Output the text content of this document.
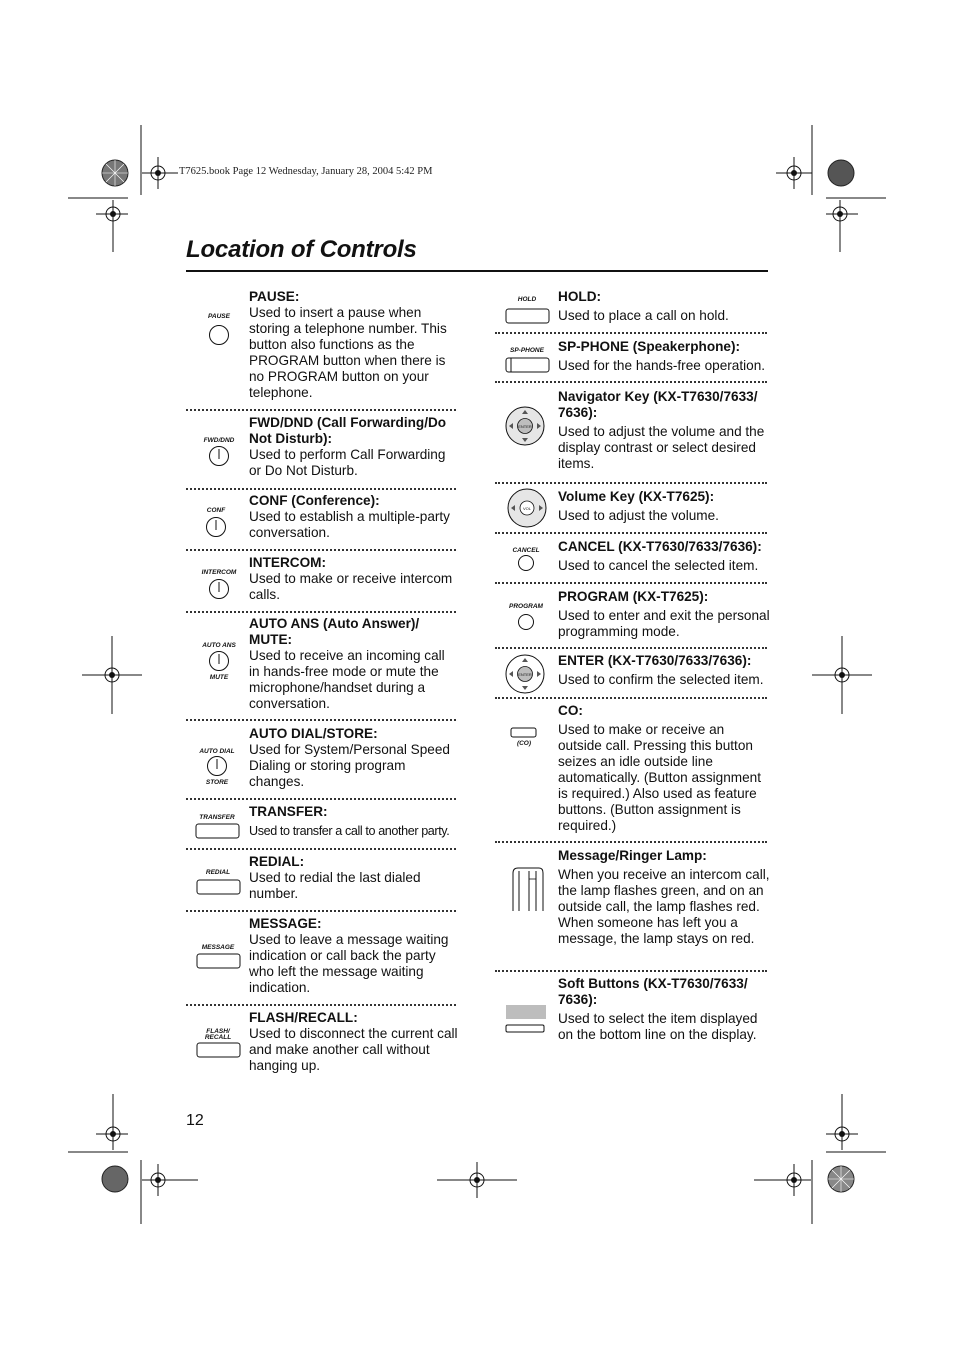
T7625.book Page 12 Wednesday, January 28, 2004 5:42 PM
Location of Controls
PAUSE
PAUSE:
Used to insert a pause when storing a telephone number. This button also functions as the PROGRAM button when there is no PROGRAM button on your telephone.
FWD/DND
FWD/DND (Call Forwarding/Do Not Disturb):
Used to perform Call Forwarding or Do Not Disturb.
CONF
CONF (Conference):
Used to establish a multiple-party conversation.
INTERCOM
INTERCOM:
Used to make or receive intercom calls.
AUTO ANS
MUTE
AUTO ANS (Auto Answer)/ MUTE:
Used to receive an incoming call in hands-free mode or mute the microphone/handset during a conversation.
AUTO DIAL
STORE
AUTO DIAL/STORE:
Used for System/Personal Speed Dialing or storing program changes.
TRANSFER TRANSFER:
Used to transfer a call to another party.
REDIAL
REDIAL:
Used to redial the last dialed number.
MESSAGE
MESSAGE:
Used to leave a message waiting indication or call back the party who left the message waiting indication.
FLASH/
RECALL
FLASH/RECALL:
Used to disconnect the current call and make another call without hanging up.
HOLD HOLD:
Used to place a call on hold.
SP-PHONE SP-PHONE (Speakerphone):
Used for the hands-free operation.
ENTER
Navigator Key (KX-T7630/7633/ 7636):
Used to adjust the volume and the display contrast or select desired items.
VOL
Volume Key (KX-T7625):
Used to adjust the volume.
CANCEL CANCEL (KX-T7630/7633/7636):
Used to cancel the selected item.
PROGRAM
PROGRAM (KX-T7625):
Used to enter and exit the personal programming mode.
ENTER
ENTER (KX-T7630/7633/7636):
Used to confirm the selected item.
(CO)
CO:
Used to make or receive an outside call. Pressing this button seizes an idle outside line automatically. (Button assignment is required.) Also used as feature buttons. (Button assignment is required.)
Message/Ringer Lamp:
When you receive an intercom call, the lamp flashes green, and on an outside call, the lamp flashes red. When someone has left you a message, the lamp stays on red.
Soft Buttons (KX-T7630/7633/ 7636):
Used to select the item displayed on the bottom line on the display.
12
